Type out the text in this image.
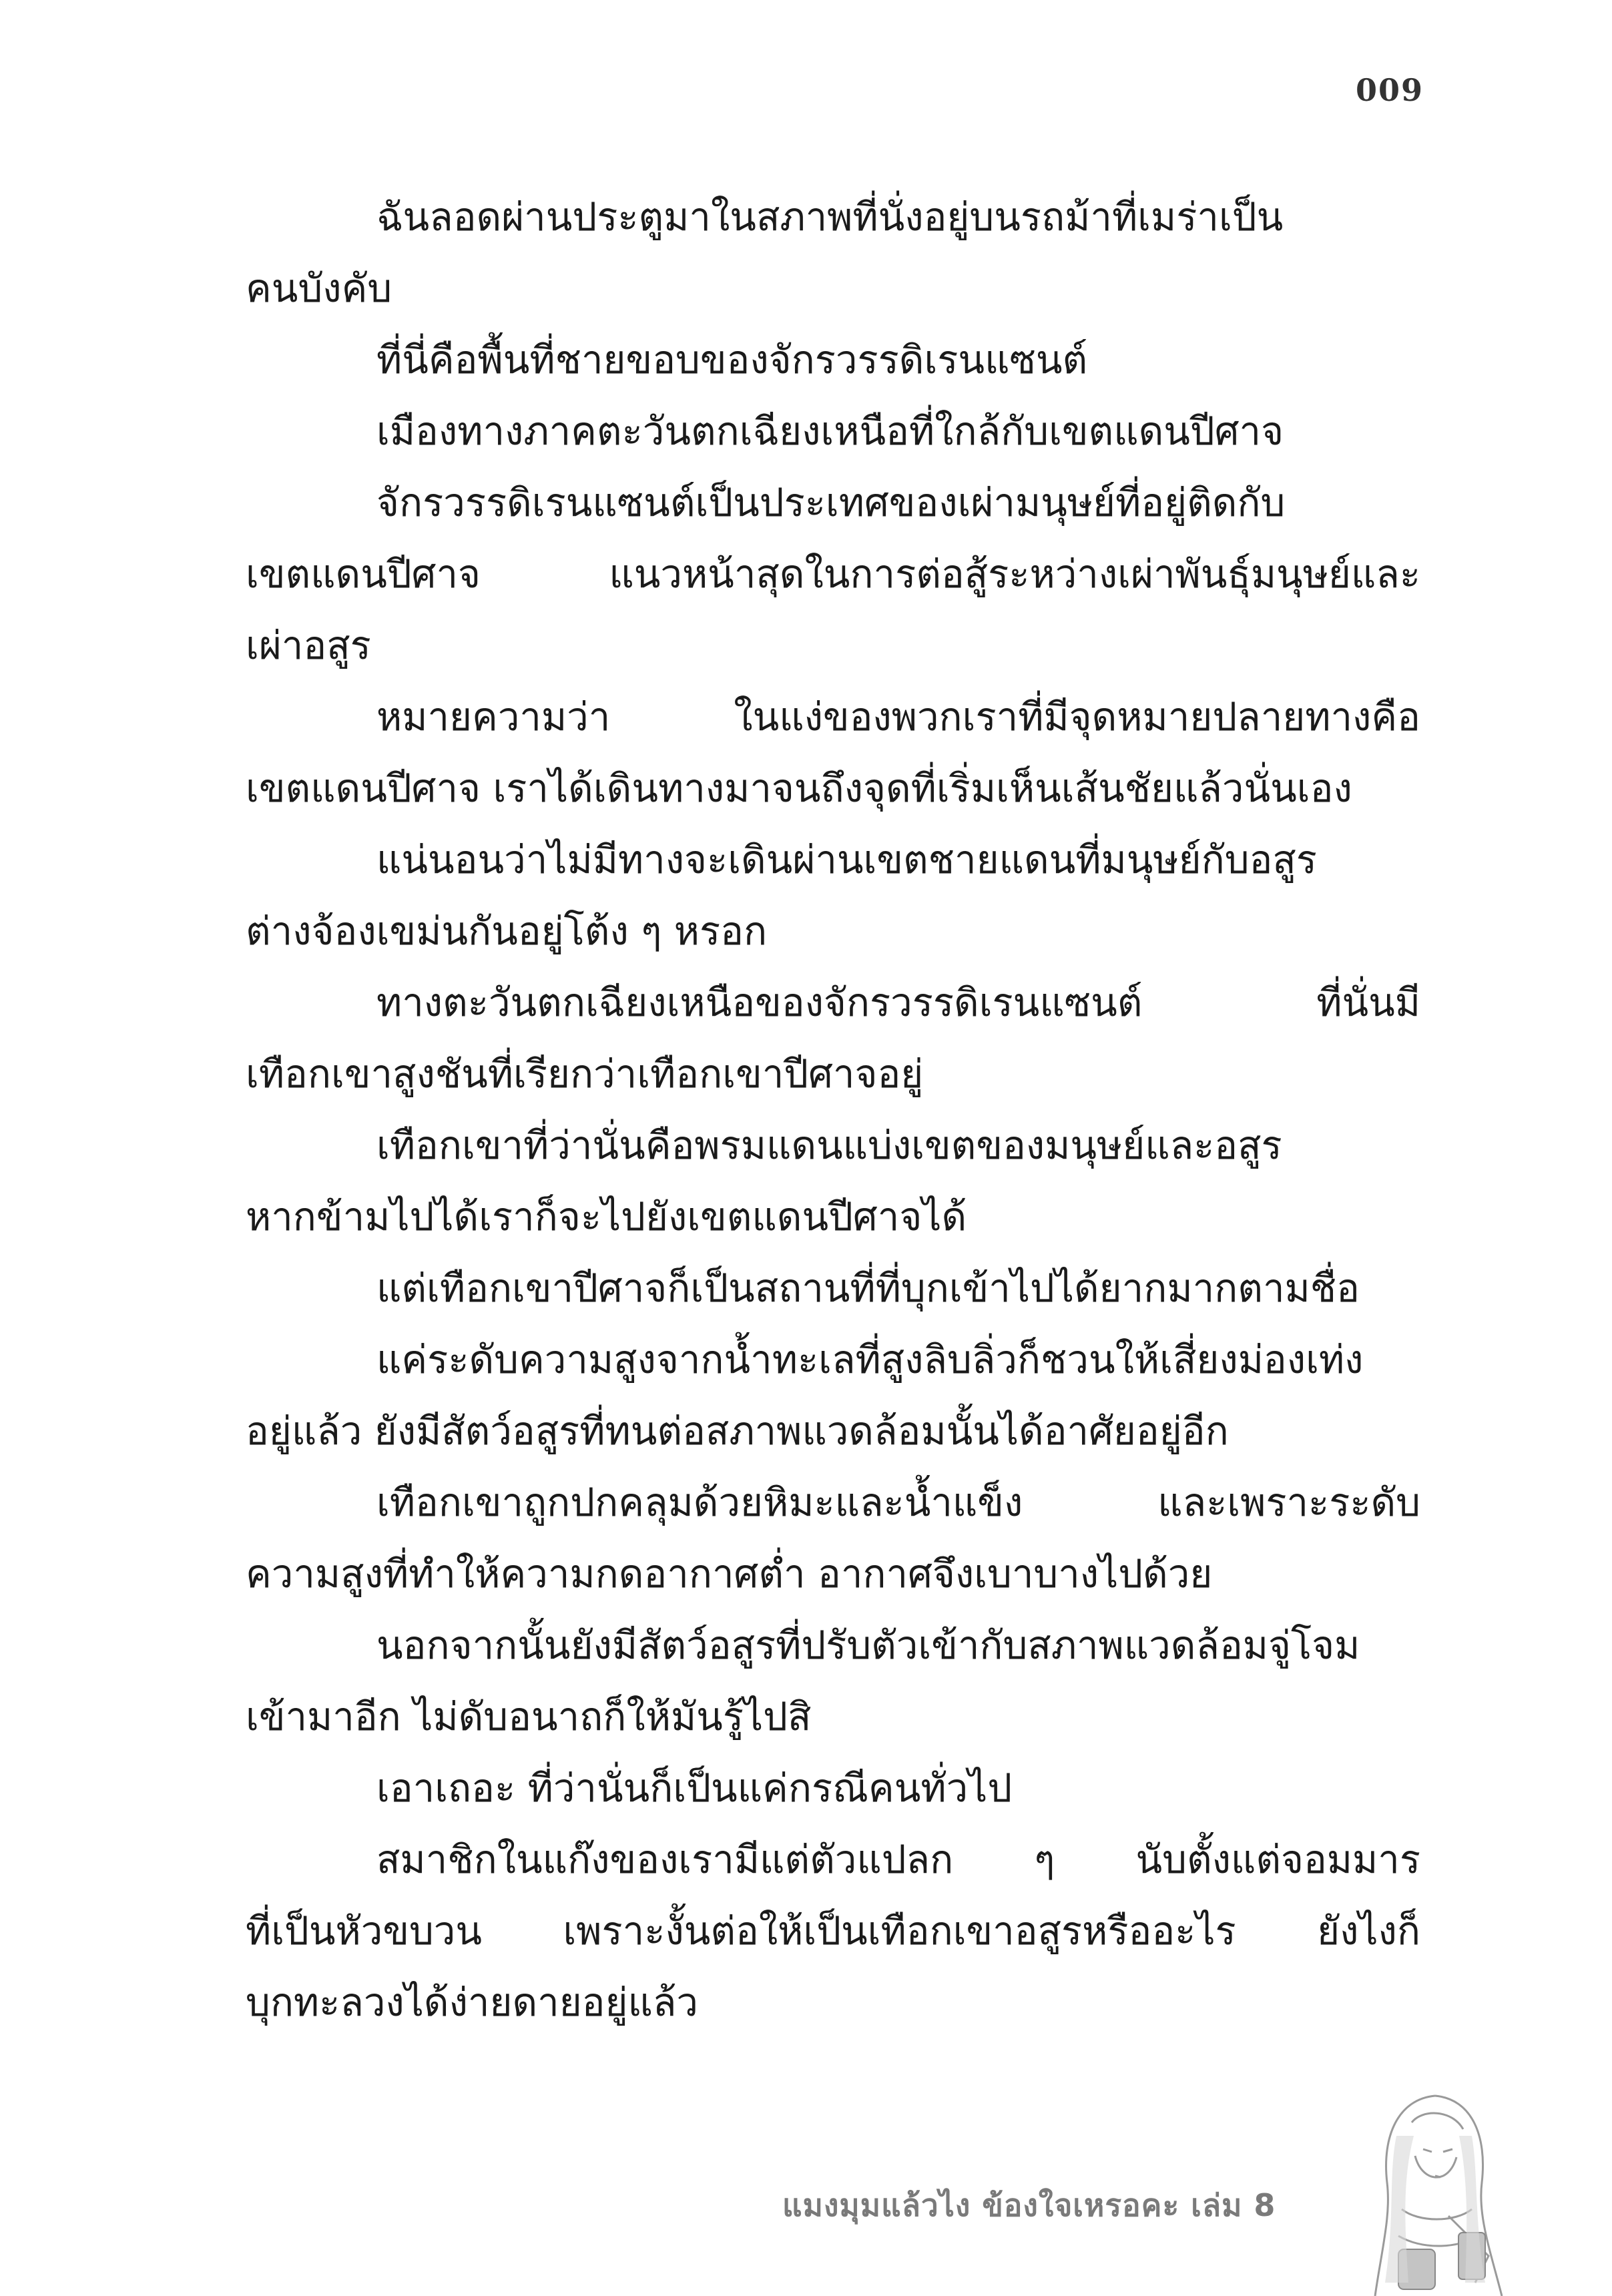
009
ฉันลอดผ่านประตูมาในสภาพที่นั่งอยู่บนรถม้าที่เมร่าเป็น
คนบังคับ
ที่นี่คือพื้นที่ชายขอบของจักรวรรดิเรนแซนต์
เมืองทางภาคตะวันตกเฉียงเหนือที่ใกล้กับเขตแดนปีศาจ
จักรวรรดิเรนแซนต์เป็นประเทศของเผ่ามนุษย์ที่อยู่ติดกับ
เขตแดนปีศาจ แนวหน้าสุดในการต่อสู้ระหว่างเผ่าพันธุ์มนุษย์และ
เผ่าอสูร
หมายความว่า ในแง่ของพวกเราที่มีจุดหมายปลายทางคือ
เขตแดนปีศาจ เราได้เดินทางมาจนถึงจุดที่เริ่มเห็นเส้นชัยแล้วนั่นเอง
แน่นอนว่าไม่มีทางจะเดินผ่านเขตชายแดนที่มนุษย์กับอสูร
ต่างจ้องเขม่นกันอยู่โต้ง ๆ หรอก
ทางตะวันตกเฉียงเหนือของจักรวรรดิเรนแซนต์ ที่นั่นมี
เทือกเขาสูงชันที่เรียกว่าเทือกเขาปีศาจอยู่
เทือกเขาที่ว่านั่นคือพรมแดนแบ่งเขตของมนุษย์และอสูร
หากข้ามไปได้เราก็จะไปยังเขตแดนปีศาจได้
แต่เทือกเขาปีศาจก็เป็นสถานที่ที่บุกเข้าไปได้ยากมากตามชื่อ
แค่ระดับความสูงจากน้ำทะเลที่สูงลิบลิ่วก็ชวนให้เสี่ยงม่องเท่ง
อยู่แล้ว ยังมีสัตว์อสูรที่ทนต่อสภาพแวดล้อมนั้นได้อาศัยอยู่อีก
เทือกเขาถูกปกคลุมด้วยหิมะและน้ำแข็ง และเพราะระดับ
ความสูงที่ทำให้ความกดอากาศต่ำ อากาศจึงเบาบางไปด้วย
นอกจากนั้นยังมีสัตว์อสูรที่ปรับตัวเข้ากับสภาพแวดล้อมจู่โจม
เข้ามาอีก ไม่ดับอนาถก็ให้มันรู้ไปสิ
เอาเถอะ ที่ว่านั่นก็เป็นแค่กรณีคนทั่วไป
สมาชิกในแก๊งของเรามีแต่ตัวแปลก ๆ นับตั้งแต่จอมมาร
ที่เป็นหัวขบวน เพราะงั้นต่อให้เป็นเทือกเขาอสูรหรืออะไร ยังไงก็
บุกทะลวงได้ง่ายดายอยู่แล้ว
แมงมุมแล้วไง ข้องใจเหรอคะ เล่ม 8
